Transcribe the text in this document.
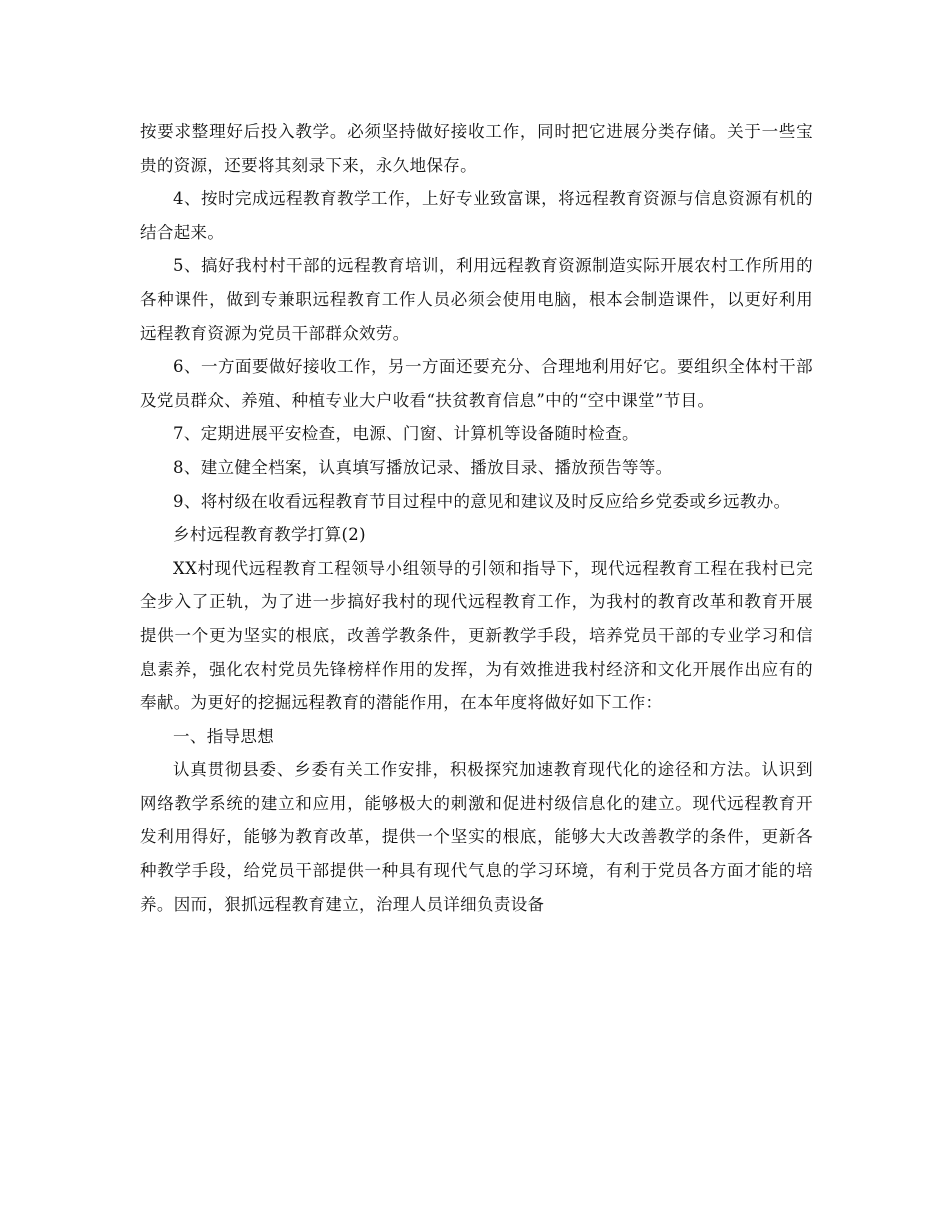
按要求整理好后投入教学。必须坚持做好接收工作，同时把它进展分类存储。关于一些宝贵的资源，还要将其刻录下来，永久地保存。

4、按时完成远程教育教学工作，上好专业致富课，将远程教育资源与信息资源有机的结合起来。

5、搞好我村村干部的远程教育培训，利用远程教育资源制造实际开展农村工作所用的各种课件，做到专兼职远程教育工作人员必须会使用电脑，根本会制造课件，以更好利用远程教育资源为党员干部群众效劳。

6、一方面要做好接收工作，另一方面还要充分、合理地利用好它。要组织全体村干部及党员群众、养殖、种植专业大户收看“扶贫教育信息”中的“空中课堂”节目。

7、定期进展平安检查，电源、门窗、计算机等设备随时检查。

8、建立健全档案，认真填写播放记录、播放目录、播放预告等等。

9、将村级在收看远程教育节目过程中的意见和建议及时反应给乡党委或乡远教办。

乡村远程教育教学打算(2)

XX村现代远程教育工程领导小组领导的引领和指导下，现代远程教育工程在我村已完全步入了正轨，为了进一步搞好我村的现代远程教育工作，为我村的教育改革和教育开展提供一个更为坚实的根底，改善学教条件，更新教学手段，培养党员干部的专业学习和信息素养，强化农村党员先锋榜样作用的发挥，为有效推进我村经济和文化开展作出应有的奉献。为更好的挖掘远程教育的潜能作用，在本年度将做好如下工作：

一、指导思想

认真贯彻县委、乡委有关工作安排，积极探究加速教育现代化的途径和方法。认识到网络教学系统的建立和应用，能够极大的刺激和促进村级信息化的建立。现代远程教育开发利用得好，能够为教育改革，提供一个坚实的根底，能够大大改善教学的条件，更新各种教学手段，给党员干部提供一种具有现代气息的学习环境，有利于党员各方面才能的培养。因而，狠抓远程教育建立，治理人员详细负责设备
